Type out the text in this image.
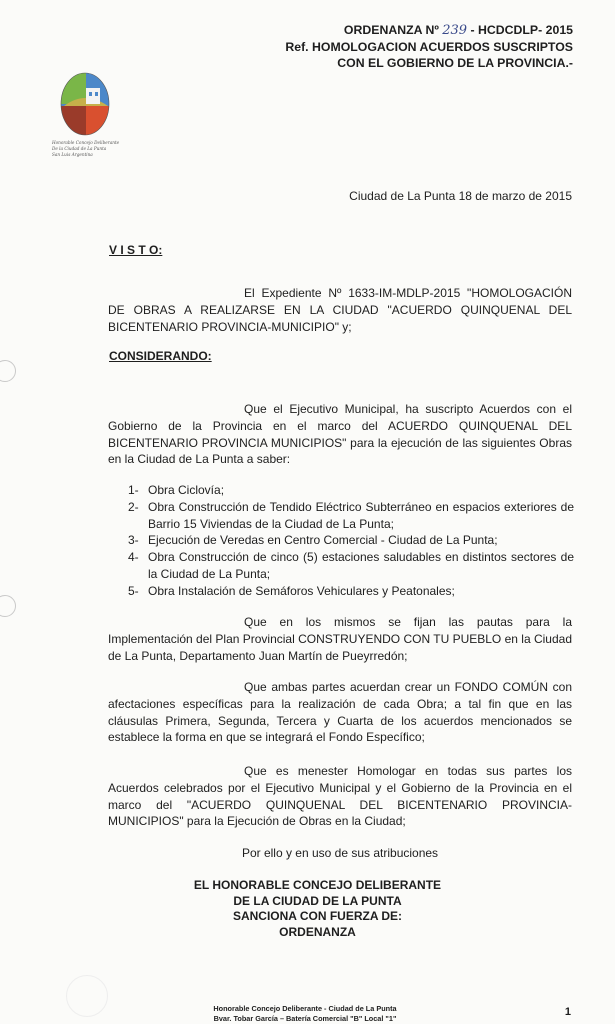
ORDENANZA Nº 239 - HCDCDLP- 2015
Ref. HOMOLOGACION ACUERDOS SUSCRIPTOS
CON EL GOBIERNO DE LA PROVINCIA.-
Honorable Concejo Deliberante
De la Ciudad de La Punta
San Luis Argentina
Ciudad de La Punta 18 de marzo de 2015
V I S T O:
El Expediente Nº 1633-IM-MDLP-2015 "HOMOLOGACIÓN DE OBRAS A REALIZARSE EN LA CIUDAD "ACUERDO QUINQUENAL DEL BICENTENARIO PROVINCIA-MUNICIPIO" y;
CONSIDERANDO:
Que el Ejecutivo Municipal, ha suscripto Acuerdos con el Gobierno de la Provincia en el marco del ACUERDO QUINQUENAL DEL BICENTENARIO PROVINCIA MUNICIPIOS" para la ejecución de las siguientes Obras en la Ciudad de La Punta a saber:
1- Obra Ciclovía;
2- Obra Construcción de Tendido Eléctrico Subterráneo en espacios exteriores de Barrio 15 Viviendas de la Ciudad de La Punta;
3- Ejecución de Veredas en Centro Comercial - Ciudad de La Punta;
4- Obra Construcción de cinco (5) estaciones saludables en distintos sectores de la Ciudad de La Punta;
5- Obra Instalación de Semáforos Vehiculares y Peatonales;
Que en los mismos se fijan las pautas para la Implementación del Plan Provincial CONSTRUYENDO CON TU PUEBLO en la Ciudad de La Punta, Departamento Juan Martín de Pueyrredón;
Que ambas partes acuerdan crear un FONDO COMÚN con afectaciones específicas para la realización de cada Obra; a tal fin que en las cláusulas Primera, Segunda, Tercera y Cuarta de los acuerdos mencionados se establece la forma en que se integrará el Fondo Específico;
Que es menester Homologar en todas sus partes los Acuerdos celebrados por el Ejecutivo Municipal y el Gobierno de la Provincia en el marco del "ACUERDO QUINQUENAL DEL BICENTENARIO PROVINCIA-MUNICIPIOS" para la Ejecución de Obras en la Ciudad;
Por ello y en uso de sus atribuciones
EL HONORABLE CONCEJO DELIBERANTE
DE LA CIUDAD DE LA PUNTA
SANCIONA CON FUERZA DE:
ORDENANZA
Honorable Concejo Deliberante - Ciudad de La Punta
Bvar. Tobar García – Batería Comercial "B" Local "1"	1
